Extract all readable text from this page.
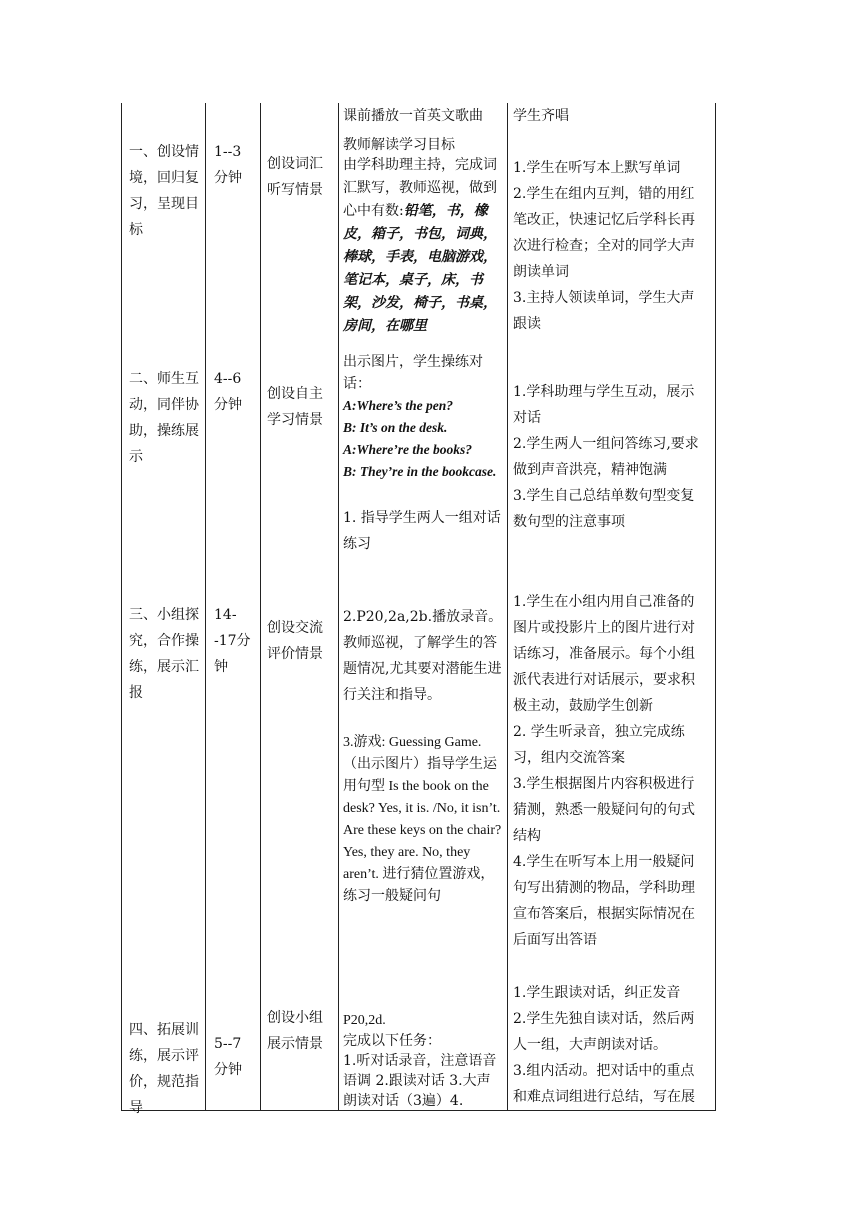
一、创设情境，回归复习，呈现目标
1--3分钟
创设词汇听写情景

课前播放一首英文歌曲

教师解读学习目标

由学科助理主持，完成词汇默写，教师巡视，做到心中有数:铅笔，书，橡皮，箱子，书包，词典，棒球，手表，电脑游戏，笔记本，桌子，床，书架，沙发，椅子，书桌，房间，在哪里

学生齐唱

1.学生在听写本上默写单词

2.学生在组内互判，错的用红笔改正，快速记忆后学科长再次进行检查；全对的同学大声朗读单词

3.主持人领读单词，学生大声跟读

二、师生互动，同伴协助，操练展示
4--6分钟
创设自主学习情景

出示图片，学生操练对话：

A:Where’s the pen?

B: It’s on the desk.

A:Where’re the books?

B: They’re in the bookcase.

1. 指导学生两人一组对话练习

1.学科助理与学生互动，展示对话

2.学生两人一组问答练习,要求做到声音洪亮，精神饱满

3.学生自己总结单数句型变复数句型的注意事项

三、小组探究，合作操练，展示汇报
14--17分钟
创设交流评价情景

2.P20,2a,2b.播放录音。教师巡视，了解学生的答题情况,尤其要对潜能生进行关注和指导。

3.游戏: Guessing Game.（出示图片）指导学生运用句型 Is the book on the desk? Yes, it is. /No, it isn’t.

Are these keys on the chair? Yes, they are. No, they aren’t. 进行猜位置游戏，练习一般疑问句

1.学生在小组内用自己准备的图片或投影片上的图片进行对话练习，准备展示。每个小组派代表进行对话展示，要求积极主动，鼓励学生创新

2. 学生听录音，独立完成练习，组内交流答案

3.学生根据图片内容积极进行猜测，熟悉一般疑问句的句式结构

4.学生在听写本上用一般疑问句写出猜测的物品，学科助理宣布答案后，根据实际情况在后面写出答语

四、拓展训练，展示评价，规范指导
5--7分钟
创设小组展示情景

P20,2d.

完成以下任务：

1.听对话录音，注意语音语调 2.跟读对话 3.大声朗读对话（3遍）4.

1.学生跟读对话，纠正发音

2.学生先独自读对话，然后两人一组，大声朗读对话。

3.组内活动。把对话中的重点和难点词组进行总结，写在展
